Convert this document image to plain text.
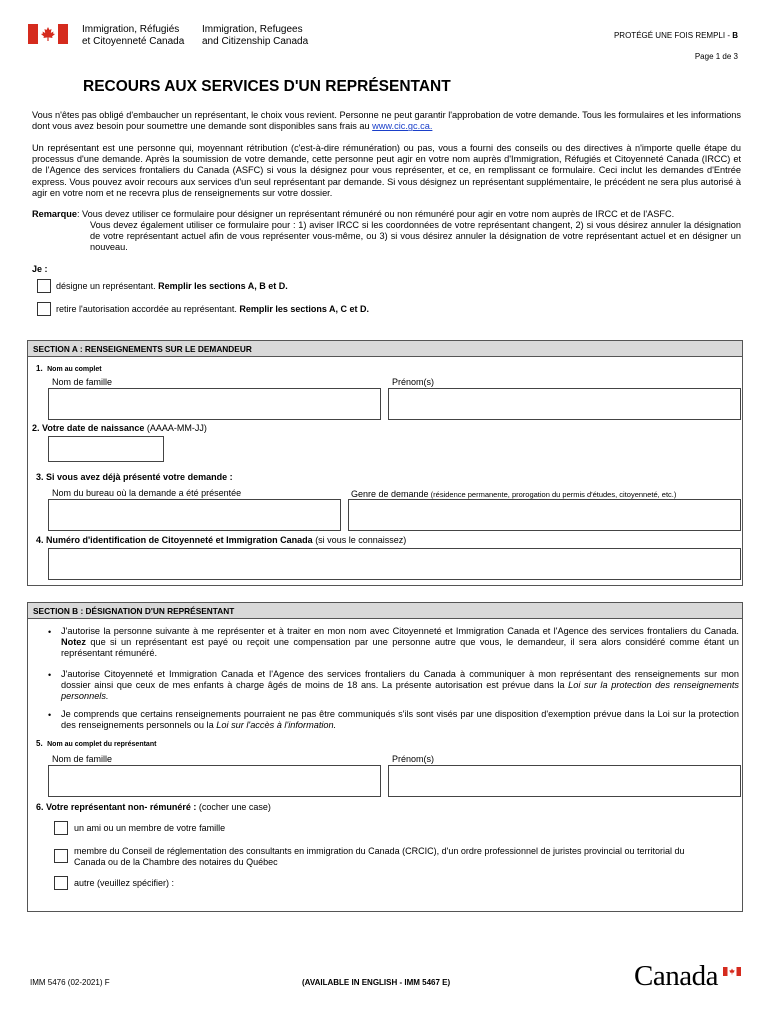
Immigration, Réfugiés
et Citoyenneté Canada
Immigration, Refugees
and Citizenship Canada
PROTÉGÉ UNE FOIS REMPLI - B
Page 1 de 3
RECOURS AUX SERVICES D'UN REPRÉSENTANT
Vous n'êtes pas obligé d'embaucher un représentant, le choix vous revient. Personne ne peut garantir l'approbation de votre demande. Tous les formulaires et les informations dont vous avez besoin pour soumettre une demande sont disponibles sans frais au www.cic.gc.ca.
Un représentant est une personne qui, moyennant rétribution (c'est-à-dire rémunération) ou pas, vous a fourni des conseils ou des directives à n'importe quelle étape du processus d'une demande. Après la soumission de votre demande, cette personne peut agir en votre nom auprès d'Immigration, Réfugiés et Citoyenneté Canada (IRCC) et de l'Agence des services frontaliers du Canada (ASFC) si vous la désignez pour vous représenter, et ce, en remplissant ce formulaire. Ceci inclut les demandes d'Entrée express. Vous pouvez avoir recours aux services d'un seul représentant par demande. Si vous désignez un représentant supplémentaire, le précédent ne sera plus autorisé à agir en votre nom et ne recevra plus de renseignements sur votre dossier.
Remarque: Vous devez utiliser ce formulaire pour désigner un représentant rémunéré ou non rémunéré pour agir en votre nom auprès de IRCC et de l'ASFC.
Vous devez également utiliser ce formulaire pour : 1) aviser IRCC si les coordonnées de votre représentant changent, 2) si vous désirez annuler la désignation de votre représentant actuel afin de vous représenter vous-même, ou 3) si vous désirez annuler la désignation de votre représentant actuel et en désigner un nouveau.
Je :
désigne un représentant. Remplir les sections A, B et D.
retire l'autorisation accordée au représentant. Remplir les sections A, C et D.
SECTION A : RENSEIGNEMENTS SUR LE DEMANDEUR
1. Nom au complet
Nom de famille	Prénom(s)
2. Votre date de naissance (AAAA-MM-JJ)
3. Si vous avez déjà présenté votre demande :
Nom du bureau où la demande a été présentée	Genre de demande (résidence permanente, prorogation du permis d'études, citoyenneté, etc.)
4. Numéro d'identification de Citoyenneté et Immigration Canada (si vous le connaissez)
SECTION B : DÉSIGNATION D'UN REPRÉSENTANT
• J'autorise la personne suivante à me représenter et à traiter en mon nom avec Citoyenneté et Immigration Canada et l'Agence des services frontaliers du Canada. Notez que si un représentant est payé ou reçoit une compensation par une personne autre que vous, le demandeur, il sera alors considéré comme étant un représentant rémunéré.
• J'autorise Citoyenneté et Immigration Canada et l'Agence des services frontaliers du Canada à communiquer à mon représentant des renseignements sur mon dossier ainsi que ceux de mes enfants à charge âgés de moins de 18 ans. La présente autorisation est prévue dans la Loi sur la protection des renseignements personnels.
• Je comprends que certains renseignements pourraient ne pas être communiqués s'ils sont visés par une disposition d'exemption prévue dans la Loi sur la protection des renseignements personnels ou la Loi sur l'accès à l'information.
5. Nom au complet du représentant
Nom de famille	Prénom(s)
6. Votre représentant non- rémunéré : (cocher une case)
un ami ou un membre de votre famille
membre du Conseil de réglementation des consultants en immigration du Canada (CRCIC), d'un ordre professionnel de juristes provincial ou territorial du Canada ou de la Chambre des notaires du Québec
autre (veuillez spécifier) :
IMM 5476 (02-2021) F	(AVAILABLE IN ENGLISH - IMM 5467 E)	Canada
